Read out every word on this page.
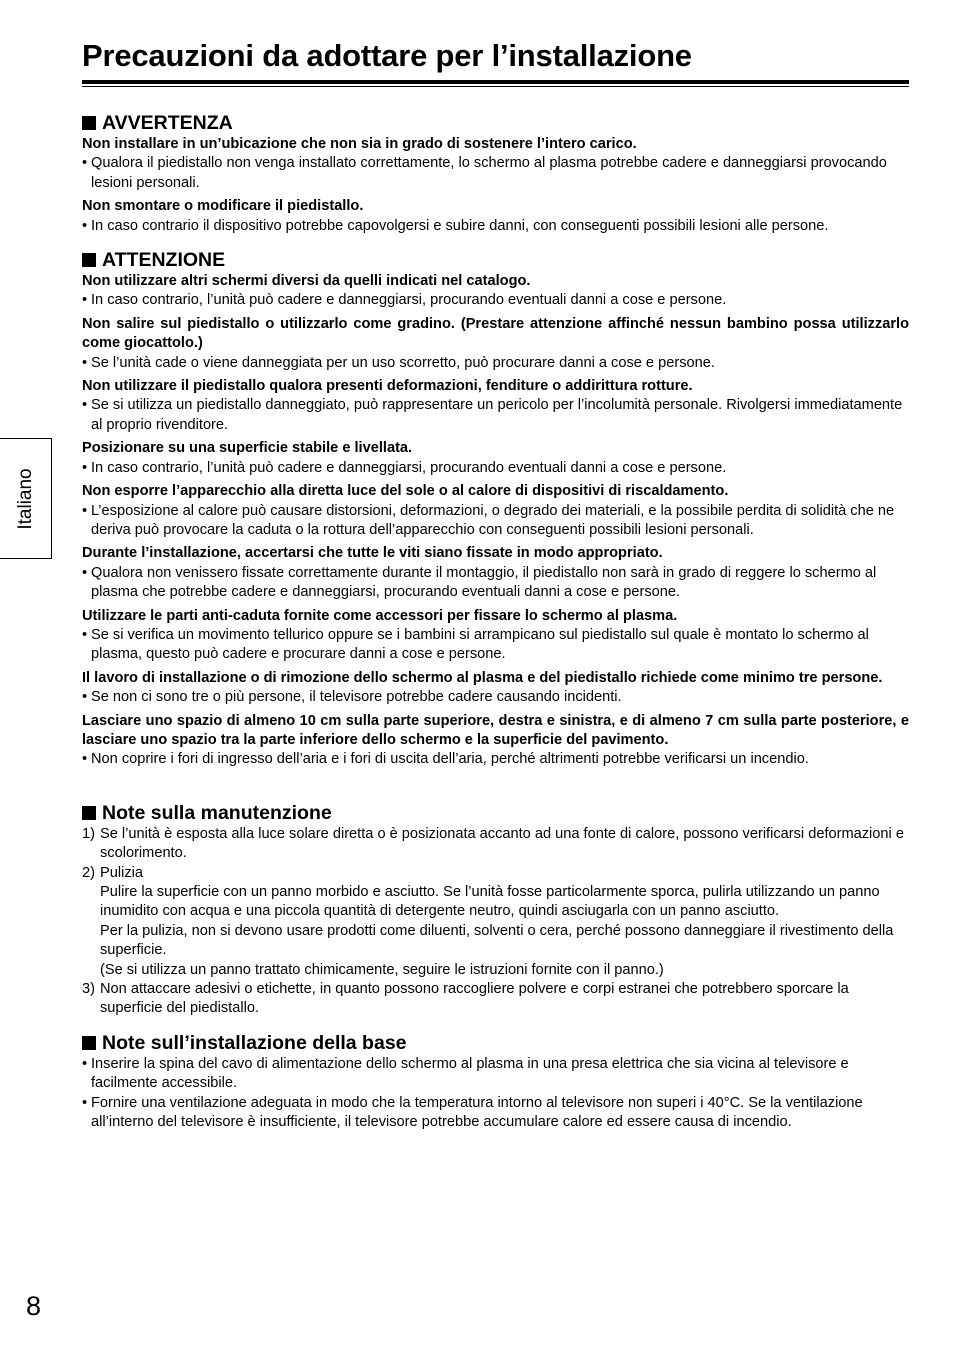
Precauzioni da adottare per l’installazione
AVVERTENZA
Non installare in un’ubicazione che non sia in grado di sostenere l’intero carico.
• Qualora il piedistallo non venga installato correttamente, lo schermo al plasma potrebbe cadere e danneggiarsi provocando lesioni personali.
Non smontare o modificare il piedistallo.
• In caso contrario il dispositivo potrebbe capovolgersi e subire danni, con conseguenti possibili lesioni alle persone.
ATTENZIONE
Non utilizzare altri schermi diversi da quelli indicati nel catalogo.
• In caso contrario, l’unità può cadere e danneggiarsi, procurando eventuali danni a cose e persone.
Non salire sul piedistallo o utilizzarlo come gradino. (Prestare attenzione affinché nessun bambino possa utilizzarlo come giocattolo.)
• Se l’unità cade o viene danneggiata per un uso scorretto, può procurare danni a cose e persone.
Non utilizzare il piedistallo qualora presenti deformazioni, fenditure o addirittura rotture.
• Se si utilizza un piedistallo danneggiato, può rappresentare un pericolo per l’incolumità personale. Rivolgersi immediatamente al proprio rivenditore.
Posizionare su una superficie stabile e livellata.
• In caso contrario, l’unità può cadere e danneggiarsi, procurando eventuali danni a cose e persone.
Non esporre l’apparecchio alla diretta luce del sole o al calore di dispositivi di riscaldamento.
• L’esposizione al calore può causare distorsioni, deformazioni, o degrado dei materiali, e la possibile perdita di solidità che ne deriva può provocare la caduta o la rottura dell’apparecchio con conseguenti possibili lesioni personali.
Durante l’installazione, accertarsi che tutte le viti siano fissate in modo appropriato.
• Qualora non venissero fissate correttamente durante il montaggio, il piedistallo non sarà in grado di reggere lo schermo al plasma che potrebbe cadere e danneggiarsi, procurando eventuali danni a cose e persone.
Utilizzare le parti anti-caduta fornite come accessori per fissare lo schermo al plasma.
• Se si verifica un movimento tellurico oppure se i bambini si arrampicano sul piedistallo sul quale è montato lo schermo al plasma, questo può cadere e procurare danni a cose e persone.
Il lavoro di installazione o di rimozione dello schermo al plasma e del piedistallo richiede come minimo tre persone.
• Se non ci sono tre o più persone, il televisore potrebbe cadere causando incidenti.
Lasciare uno spazio di almeno 10 cm sulla parte superiore, destra e sinistra, e di almeno 7 cm sulla parte posteriore, e lasciare uno spazio tra la parte inferiore dello schermo e la superficie del pavimento.
• Non coprire i fori di ingresso dell’aria e i fori di uscita dell’aria, perché altrimenti potrebbe verificarsi un incendio.
Note sulla manutenzione
1) Se l’unità è esposta alla luce solare diretta o è posizionata accanto ad una fonte di calore, possono verificarsi deformazioni e scolorimento.
2) Pulizia
Pulire la superficie con un panno morbido e asciutto. Se l’unità fosse particolarmente sporca, pulirla utilizzando un panno inumidito con acqua e una piccola quantità di detergente neutro, quindi asciugarla con un panno asciutto.
Per la pulizia, non si devono usare prodotti come diluenti, solventi o cera, perché possono danneggiare il rivestimento della superficie.
(Se si utilizza un panno trattato chimicamente, seguire le istruzioni fornite con il panno.)
3) Non attaccare adesivi o etichette, in quanto possono raccogliere polvere e corpi estranei che potrebbero sporcare la superficie del piedistallo.
Note sull’installazione della base
• Inserire la spina del cavo di alimentazione dello schermo al plasma in una presa elettrica che sia vicina al televisore e facilmente accessibile.
• Fornire una ventilazione adeguata in modo che la temperatura intorno al televisore non superi i 40°C. Se la ventilazione all’interno del televisore è insufficiente, il televisore potrebbe accumulare calore ed essere causa di incendio.
Italiano
8
